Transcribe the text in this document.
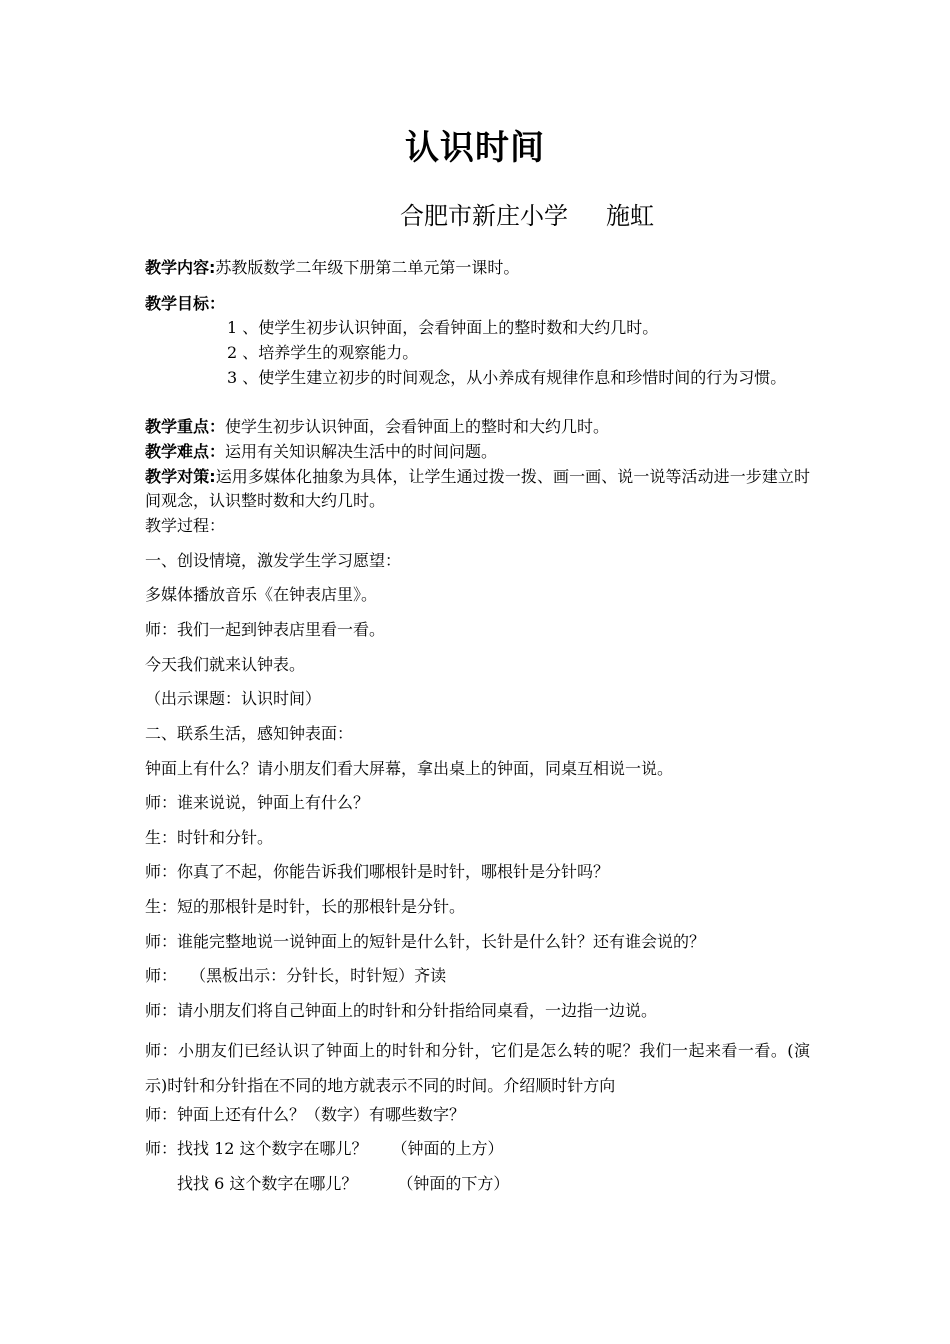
认识时间
合肥市新庄小学 施虹
教学内容:苏教版数学二年级下册第二单元第一课时。
教学目标：
1 、使学生初步认识钟面，会看钟面上的整时数和大约几时。
2 、培养学生的观察能力。
3 、使学生建立初步的时间观念，从小养成有规律作息和珍惜时间的行为习惯。
教学重点：使学生初步认识钟面，会看钟面上的整时和大约几时。
教学难点：运用有关知识解决生活中的时间问题。
教学对策:运用多媒体化抽象为具体，让学生通过拨一拨、画一画、说一说等活动进一步建立时间观念，认识整时数和大约几时。
教学过程：
一、创设情境，激发学生学习愿望：
多媒体播放音乐《在钟表店里》。
师：我们一起到钟表店里看一看。
今天我们就来认钟表。
（出示课题：认识时间）
二、联系生活，感知钟表面：
钟面上有什么？请小朋友们看大屏幕，拿出桌上的钟面，同桌互相说一说。
师：谁来说说，钟面上有什么？
生：时针和分针。
师：你真了不起，你能告诉我们哪根针是时针，哪根针是分针吗？
生：短的那根针是时针，长的那根针是分针。
师：谁能完整地说一说钟面上的短针是什么针，长针是什么针？还有谁会说的？
师：　 （黑板出示：分针长，时针短）齐读
师：请小朋友们将自己钟面上的时针和分针指给同桌看，一边指一边说。
师：小朋友们已经认识了钟面上的时针和分针，它们是怎么转的呢？我们一起来看一看。(演示)时针和分针指在不同的地方就表示不同的时间。介绍顺时针方向
师：钟面上还有什么？（数字）有哪些数字？
师：找找 12 这个数字在哪儿？　　（钟面的上方）
　　找找 6 这个数字在哪儿？　　　（钟面的下方）
